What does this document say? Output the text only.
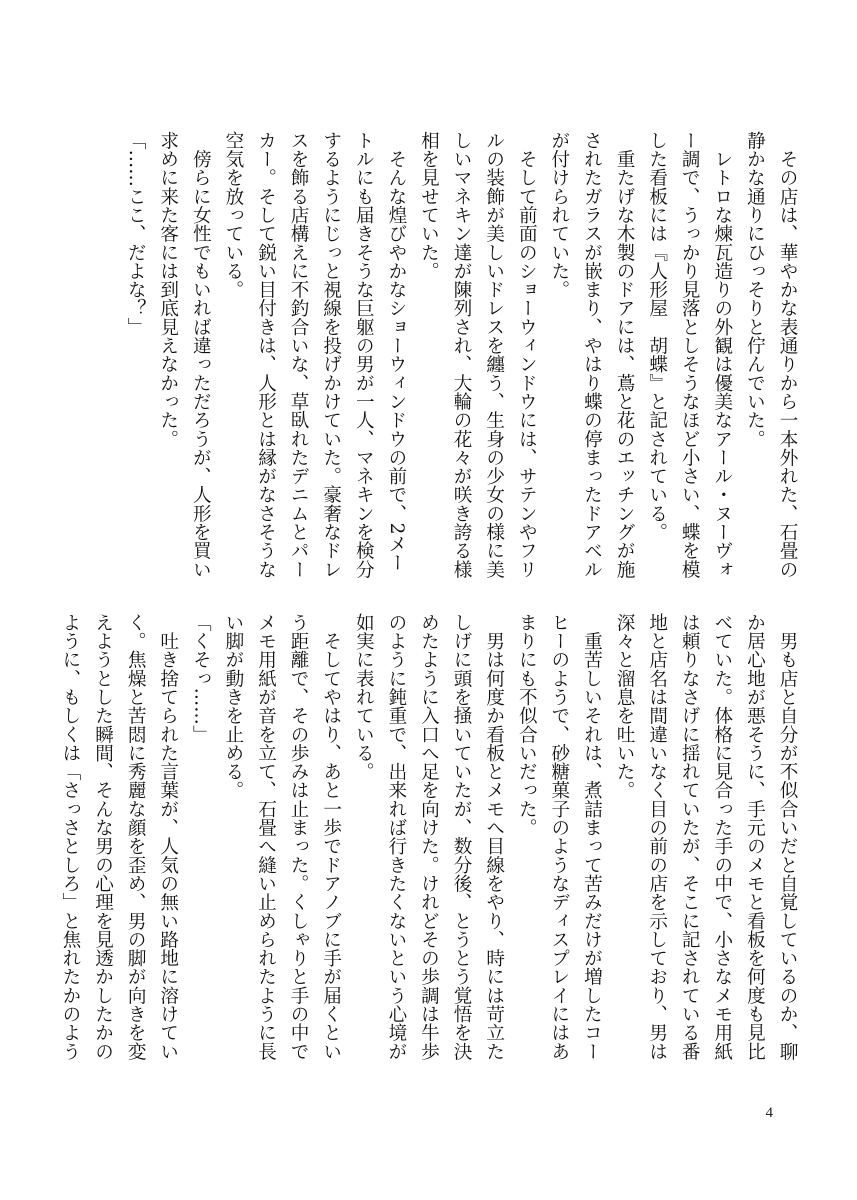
　その店は、華やかな表通りから一本外れた、石畳の
静かな通りにひっそりと佇んでいた。
　レトロな煉瓦造りの外観は優美なアール・ヌーヴォ
ー調で、うっかり見落としそうなほど小さい、蝶を模
した看板には『人形屋　胡蝶』と記されている。
　重たげな木製のドアには、蔦と花のエッチングが施
されたガラスが嵌まり、やはり蝶の停まったドアベル
が付けられていた。
　そして前面のショーウィンドウには、サテンやフリ
ルの装飾が美しいドレスを纏う、生身の少女の様に美
しいマネキン達が陳列され、大輪の花々が咲き誇る様
相を見せていた。
　そんな煌びやかなショーウィンドウの前で、2メー
トルにも届きそうな巨躯の男が一人、マネキンを検分
するようにじっと視線を投げかけていた。豪奢なドレ
スを飾る店構えに不釣合いな、草臥れたデニムとパー
カー。そして鋭い目付きは、人形とは縁がなさそうな
空気を放っている。
　傍らに女性でもいれば違っただろうが、人形を買い
求めに来た客には到底見えなかった。
「……ここ、だよな？」
　男も店と自分が不似合いだと自覚しているのか、聊
か居心地が悪そうに、手元のメモと看板を何度も見比
べていた。体格に見合った手の中で、小さなメモ用紙
は頼りなさげに揺れていたが、そこに記されている番
地と店名は間違いなく目の前の店を示しており、男は
深々と溜息を吐いた。
　重苦しいそれは、煮詰まって苦みだけが増したコー
ヒーのようで、砂糖菓子のようなディスプレイにはあ
まりにも不似合いだった。
　男は何度か看板とメモへ目線をやり、時には苛立た
しげに頭を掻いていたが、数分後、とうとう覚悟を決
めたように入口へ足を向けた。けれどその歩調は牛歩
のように鈍重で、出来れば行きたくないという心境が
如実に表れている。
　そしてやはり、あと一歩でドアノブに手が届くとい
う距離で、その歩みは止まった。くしゃりと手の中で
メモ用紙が音を立て、石畳へ縫い止められたように長
い脚が動きを止める。
「くそっ……」
　吐き捨てられた言葉が、人気の無い路地に溶けてい
く。焦燥と苦悶に秀麗な顔を歪め、男の脚が向きを変
えようとした瞬間、そんな男の心理を見透かしたかの
ように、もしくは「さっさとしろ」と焦れたかのよう
4
